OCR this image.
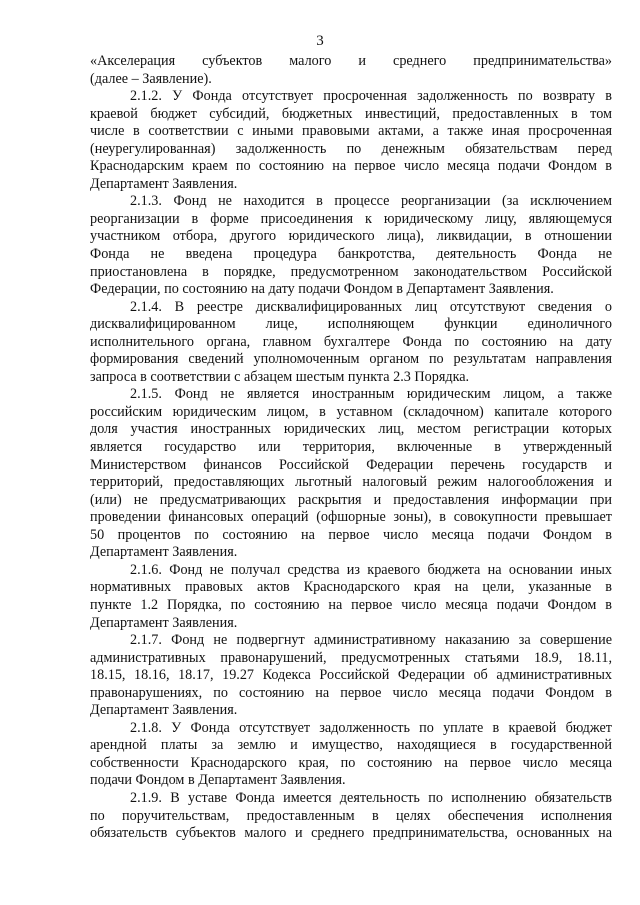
3
«Акселерация субъектов малого и среднего предпринимательства»
(далее – Заявление).
2.1.2. У Фонда отсутствует просроченная задолженность по возврату в
краевой бюджет субсидий, бюджетных инвестиций, предоставленных в том
числе в соответствии с иными правовыми актами, а также иная просроченная
(неурегулированная) задолженность по денежным обязательствам перед
Краснодарским краем по состоянию на первое число месяца подачи Фондом в
Департамент Заявления.
2.1.3. Фонд не находится в процессе реорганизации (за исключением
реорганизации в форме присоединения к юридическому лицу, являющемуся
участником отбора, другого юридического лица), ликвидации, в отношении
Фонда не введена процедура банкротства, деятельность Фонда не
приостановлена в порядке, предусмотренном законодательством Российской
Федерации, по состоянию на дату подачи Фондом в Департамент Заявления.
2.1.4. В реестре дисквалифицированных лиц отсутствуют сведения о
дисквалифицированном лице, исполняющем функции единоличного
исполнительного органа, главном бухгалтере Фонда по состоянию на дату
формирования сведений уполномоченным органом по результатам направления
запроса в соответствии с абзацем шестым пункта 2.3 Порядка.
2.1.5. Фонд не является иностранным юридическим лицом, а также
российским юридическим лицом, в уставном (складочном) капитале которого
доля участия иностранных юридических лиц, местом регистрации которых
является государство или территория, включенные в утвержденный
Министерством финансов Российской Федерации перечень государств и
территорий, предоставляющих льготный налоговый режим налогообложения и
(или) не предусматривающих раскрытия и предоставления информации при
проведении финансовых операций (офшорные зоны), в совокупности превышает
50 процентов по состоянию на первое число месяца подачи Фондом в
Департамент Заявления.
2.1.6. Фонд не получал средства из краевого бюджета на основании иных
нормативных правовых актов Краснодарского края на цели, указанные в
пункте 1.2 Порядка, по состоянию на первое число месяца подачи Фондом в
Департамент Заявления.
2.1.7. Фонд не подвергнут административному наказанию за совершение
административных правонарушений, предусмотренных статьями 18.9, 18.11,
18.15, 18.16, 18.17, 19.27 Кодекса Российской Федерации об административных
правонарушениях, по состоянию на первое число месяца подачи Фондом в
Департамент Заявления.
2.1.8. У Фонда отсутствует задолженность по уплате в краевой бюджет
арендной платы за землю и имущество, находящиеся в государственной
собственности Краснодарского края, по состоянию на первое число месяца
подачи Фондом в Департамент Заявления.
2.1.9. В уставе Фонда имеется деятельность по исполнению обязательств
по поручительствам, предоставленным в целях обеспечения исполнения
обязательств субъектов малого и среднего предпринимательства, основанных на
